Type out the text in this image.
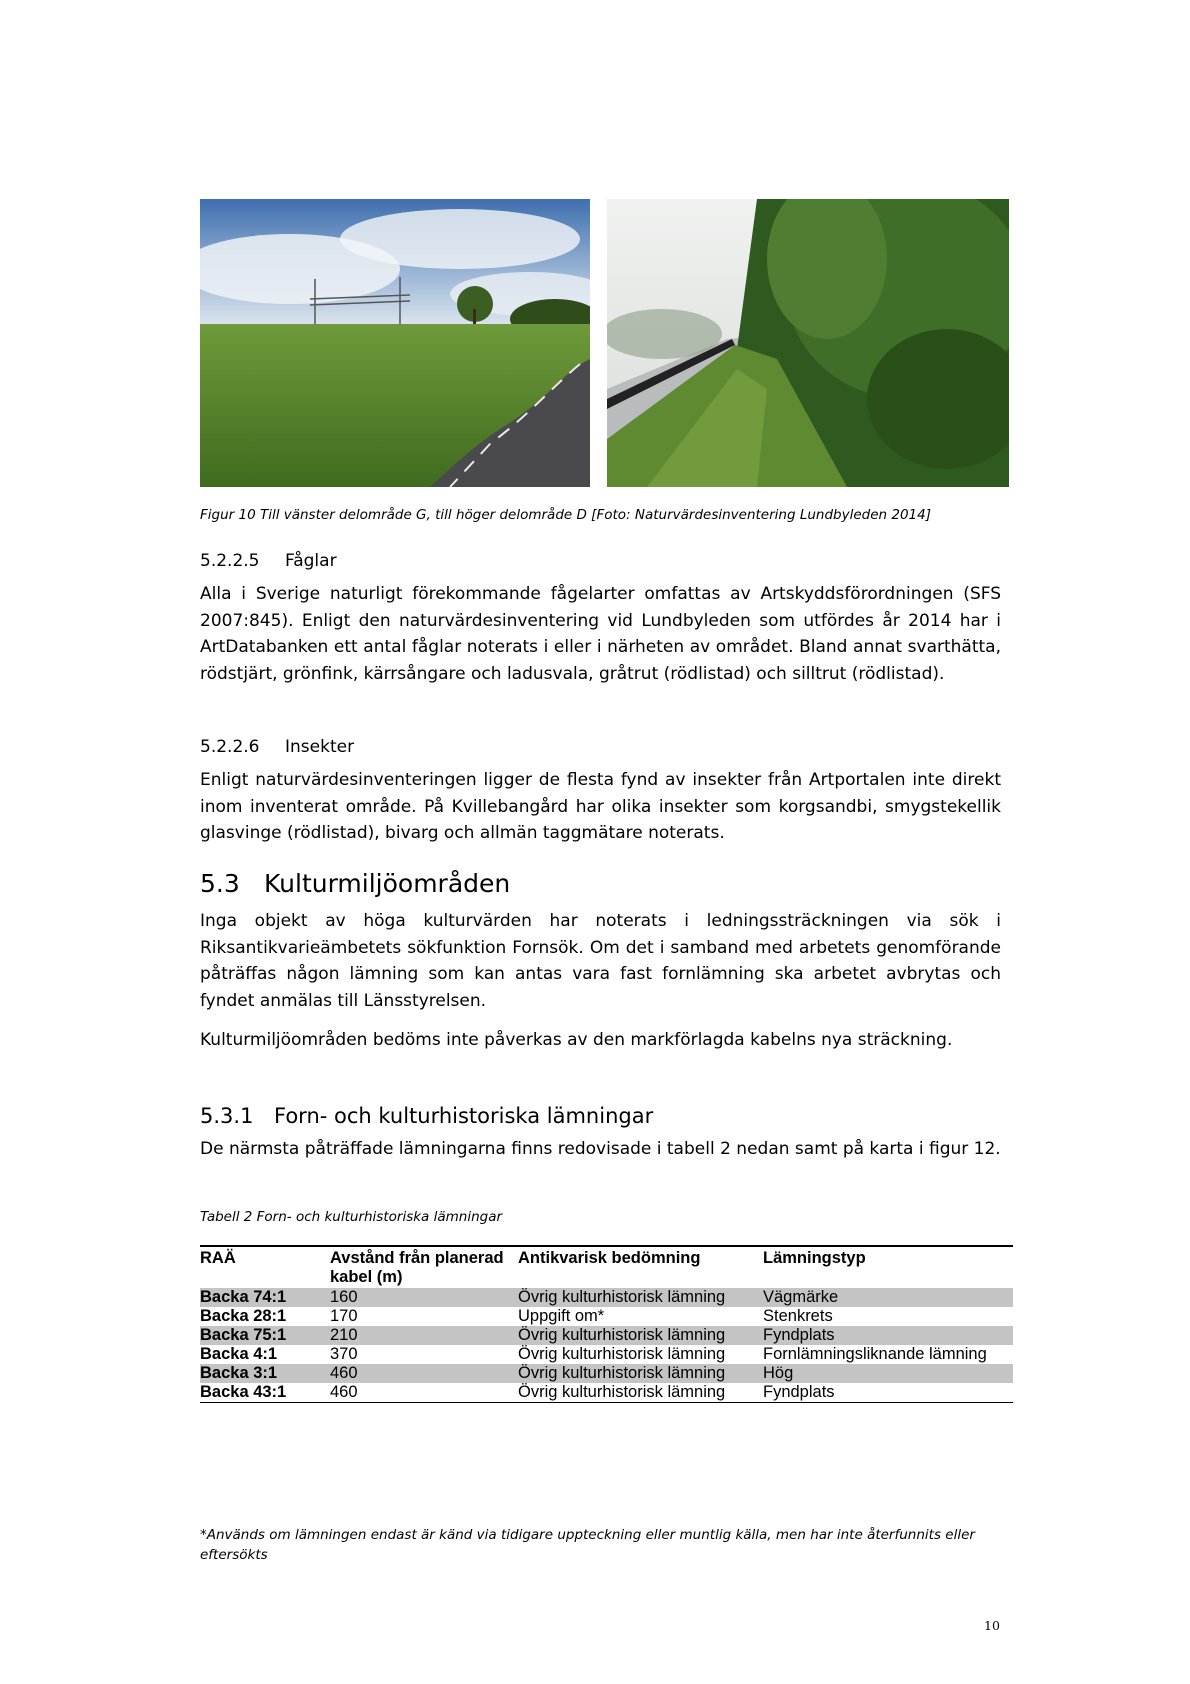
Figur 10 Till vänster delområde G, till höger delområde D [Foto: Naturvärdesinventering Lundbyleden 2014]
5.2.2.5 Fåglar
Alla i Sverige naturligt förekommande fågelarter omfattas av Artskyddsförordningen (SFS 2007:845). Enligt den naturvärdesinventering vid Lundbyleden som utfördes år 2014 har i ArtDatabanken ett antal fåglar noterats i eller i närheten av området. Bland annat svarthätta, rödstjärt, grönfink, kärrsångare och ladusvala, gråtrut (rödlistad) och silltrut (rödlistad).
5.2.2.6 Insekter
Enligt naturvärdesinventeringen ligger de flesta fynd av insekter från Artportalen inte direkt inom inventerat område. På Kvillebangård har olika insekter som korgsandbi, smygstekellik glasvinge (rödlistad), bivarg och allmän taggmätare noterats.
5.3 Kulturmiljöområden
Inga objekt av höga kulturvärden har noterats i ledningssträckningen via sök i Riksantikvarieämbetets sökfunktion Fornsök. Om det i samband med arbetets genomförande påträffas någon lämning som kan antas vara fast fornlämning ska arbetet avbrytas och fyndet anmälas till Länsstyrelsen.
Kulturmiljöområden bedöms inte påverkas av den markförlagda kabelns nya sträckning.
5.3.1 Forn- och kulturhistoriska lämningar
De närmsta påträffade lämningarna finns redovisade i tabell 2 nedan samt på karta i figur 12.
Tabell 2 Forn- och kulturhistoriska lämningar
RAÄ	Avstånd från planerad kabel (m)	Antikvarisk bedömning	Lämningstyp
Backa 74:1	160	Övrig kulturhistorisk lämning	Vägmärke
Backa 28:1	170	Uppgift om*	Stenkrets
Backa 75:1	210	Övrig kulturhistorisk lämning	Fyndplats
Backa 4:1	370	Övrig kulturhistorisk lämning	Fornlämningsliknande lämning
Backa 3:1	460	Övrig kulturhistorisk lämning	Hög
Backa 43:1	460	Övrig kulturhistorisk lämning	Fyndplats
*Används om lämningen endast är känd via tidigare uppteckning eller muntlig källa, men har inte återfunnits eller eftersökts
10
